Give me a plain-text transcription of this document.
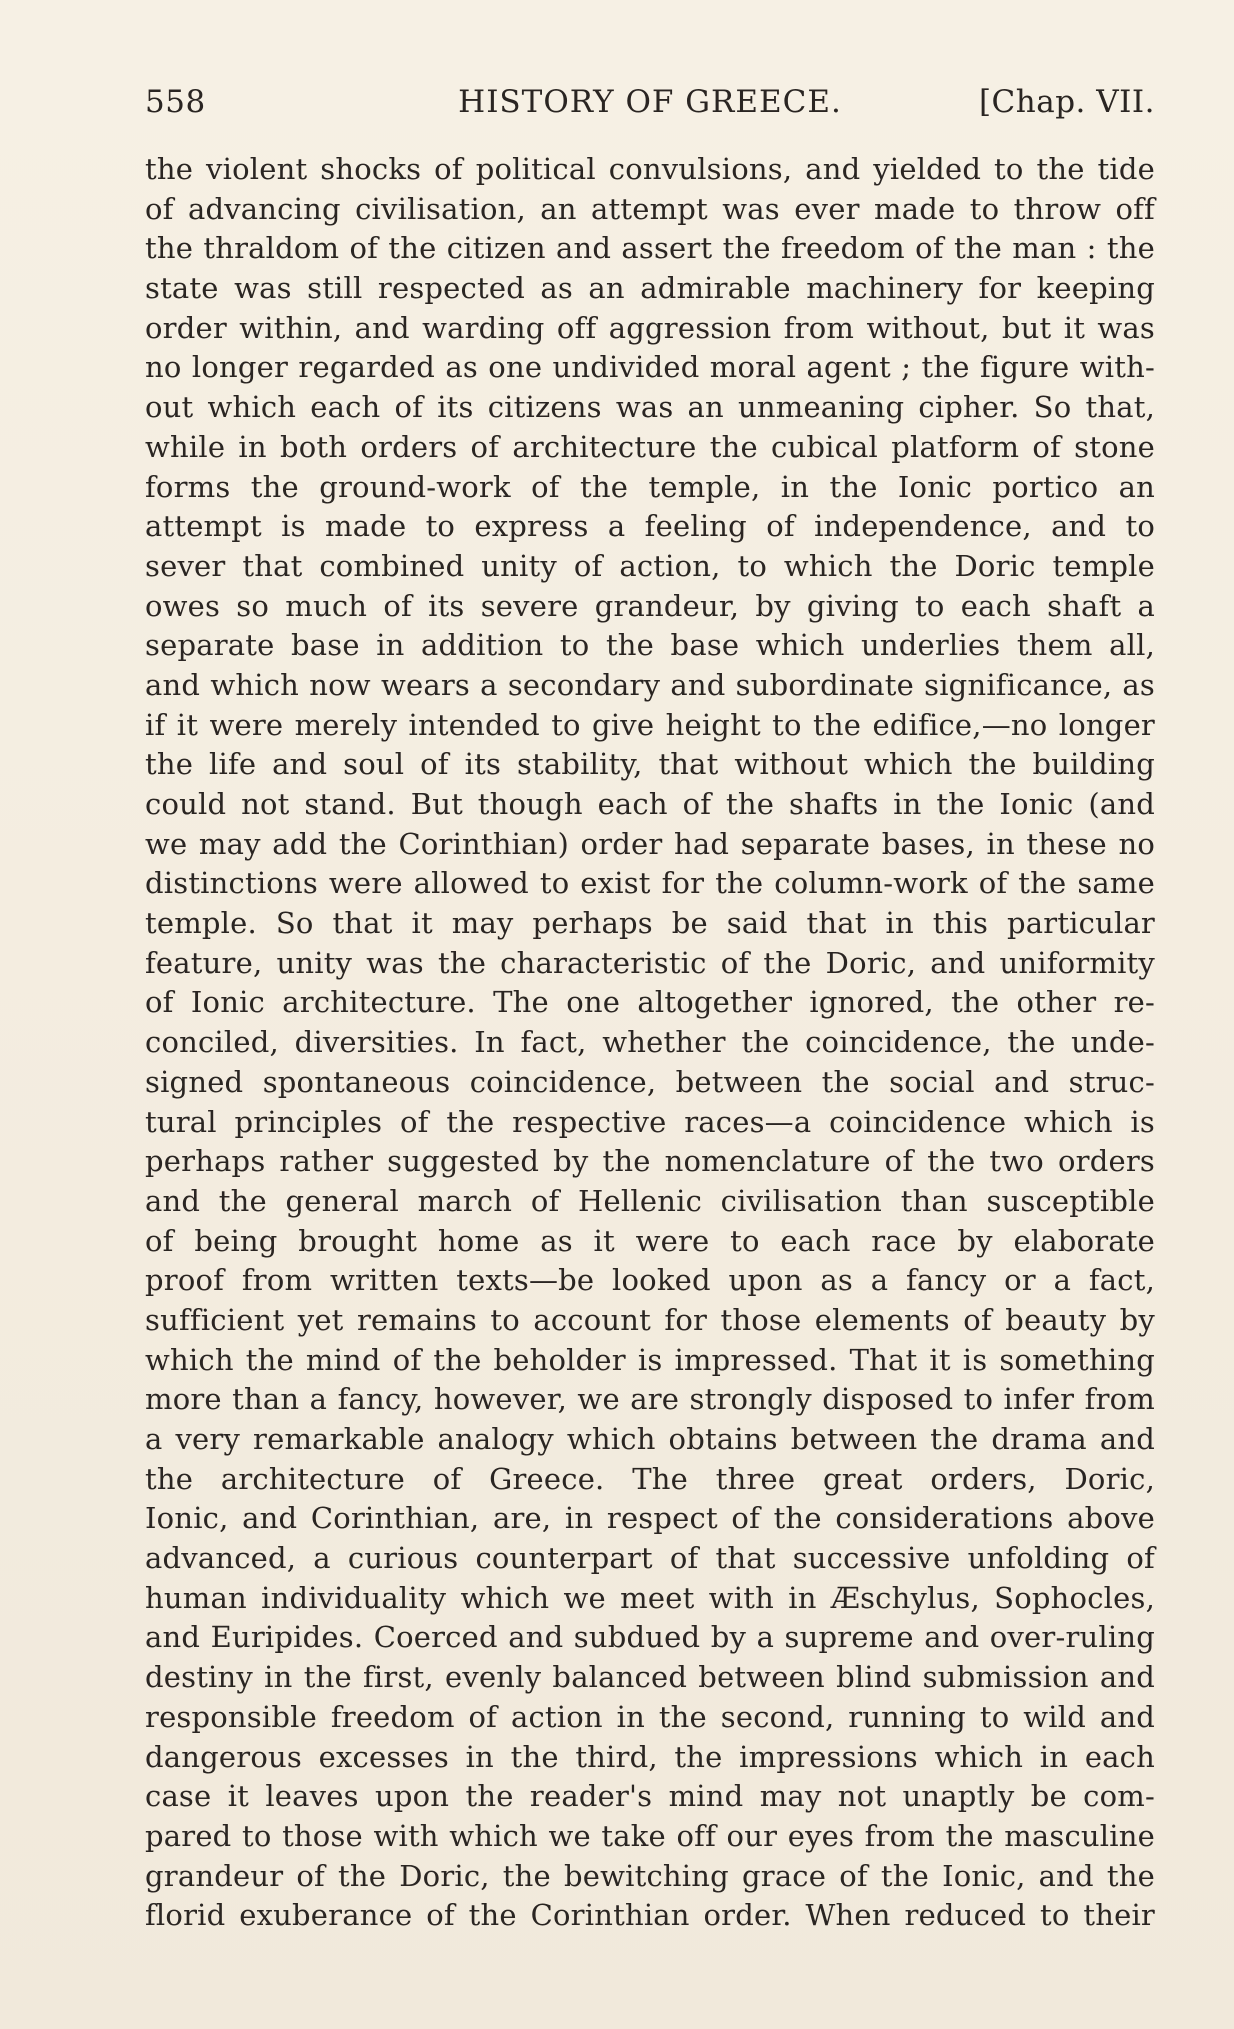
558	HISTORY OF GREECE.	[Chap. VII.
the violent shocks of political convulsions, and yielded to the tide
of advancing civilisation, an attempt was ever made to throw off
the thraldom of the citizen and assert the freedom of the man : the
state was still respected as an admirable machinery for keeping
order within, and warding off aggression from without, but it was
no longer regarded as one undivided moral agent ; the figure with-
out which each of its citizens was an unmeaning cipher. So that,
while in both orders of architecture the cubical platform of stone
forms the ground-work of the temple, in the Ionic portico an
attempt is made to express a feeling of independence, and to
sever that combined unity of action, to which the Doric temple
owes so much of its severe grandeur, by giving to each shaft a
separate base in addition to the base which underlies them all,
and which now wears a secondary and subordinate significance, as
if it were merely intended to give height to the edifice,—no longer
the life and soul of its stability, that without which the building
could not stand. But though each of the shafts in the Ionic (and
we may add the Corinthian) order had separate bases, in these no
distinctions were allowed to exist for the column-work of the same
temple. So that it may perhaps be said that in this particular
feature, unity was the characteristic of the Doric, and uniformity
of Ionic architecture. The one altogether ignored, the other re-
conciled, diversities. In fact, whether the coincidence, the unde-
signed spontaneous coincidence, between the social and struc-
tural principles of the respective races—a coincidence which is
perhaps rather suggested by the nomenclature of the two orders
and the general march of Hellenic civilisation than susceptible
of being brought home as it were to each race by elaborate
proof from written texts—be looked upon as a fancy or a fact,
sufficient yet remains to account for those elements of beauty by
which the mind of the beholder is impressed. That it is something
more than a fancy, however, we are strongly disposed to infer from
a very remarkable analogy which obtains between the drama and
the architecture of Greece. The three great orders, Doric,
Ionic, and Corinthian, are, in respect of the considerations above
advanced, a curious counterpart of that successive unfolding of
human individuality which we meet with in Æschylus, Sophocles,
and Euripides. Coerced and subdued by a supreme and over-ruling
destiny in the first, evenly balanced between blind submission and
responsible freedom of action in the second, running to wild and
dangerous excesses in the third, the impressions which in each
case it leaves upon the reader's mind may not unaptly be com-
pared to those with which we take off our eyes from the masculine
grandeur of the Doric, the bewitching grace of the Ionic, and the
florid exuberance of the Corinthian order. When reduced to their
